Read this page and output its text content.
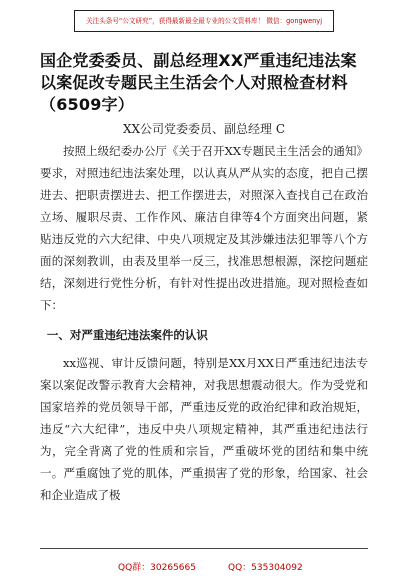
关注头条号“公文研究”，获得最新最全最专业的公文资料库！ 微信：gongwenyj
国企党委委员、副总经理XX严重违纪违法案以案促改专题民主生活会个人对照检查材料（6509字）

XX公司党委委员、副总经理 C

按照上级纪委办公厅《关于召开XX专题民主生活会的通知》要求，对照违纪违法案处理，以认真从严从实的态度，把自己摆进去、把职责摆进去、把工作摆进去，对照深入查找自己在政治立场、履职尽责、工作作风、廉洁自律等4个方面突出问题，紧贴违反党的六大纪律、中央八项规定及其涉嫌违法犯罪等八个方面的深刻教训，由表及里举一反三，找准思想根源，深挖问题症结，深刻进行党性分析，有针对性提出改进措施。现对照检查如下：

一、对严重违纪违法案件的认识

xx巡视、审计反馈问题，特别是XX月XX日严重违纪违法专案以案促改警示教育大会精神，对我思想震动很大。作为受党和国家培养的党员领导干部，严重违反党的政治纪律和政治规矩，违反“六大纪律”，违反中央八项规定精神，其严重违纪违法行为，完全背离了党的性质和宗旨，严重破坏党的团结和集中统一。严重腐蚀了党的肌体，严重损害了党的形象，给国家、社会和企业造成了极

QQ群：30265665	QQ：535304092
